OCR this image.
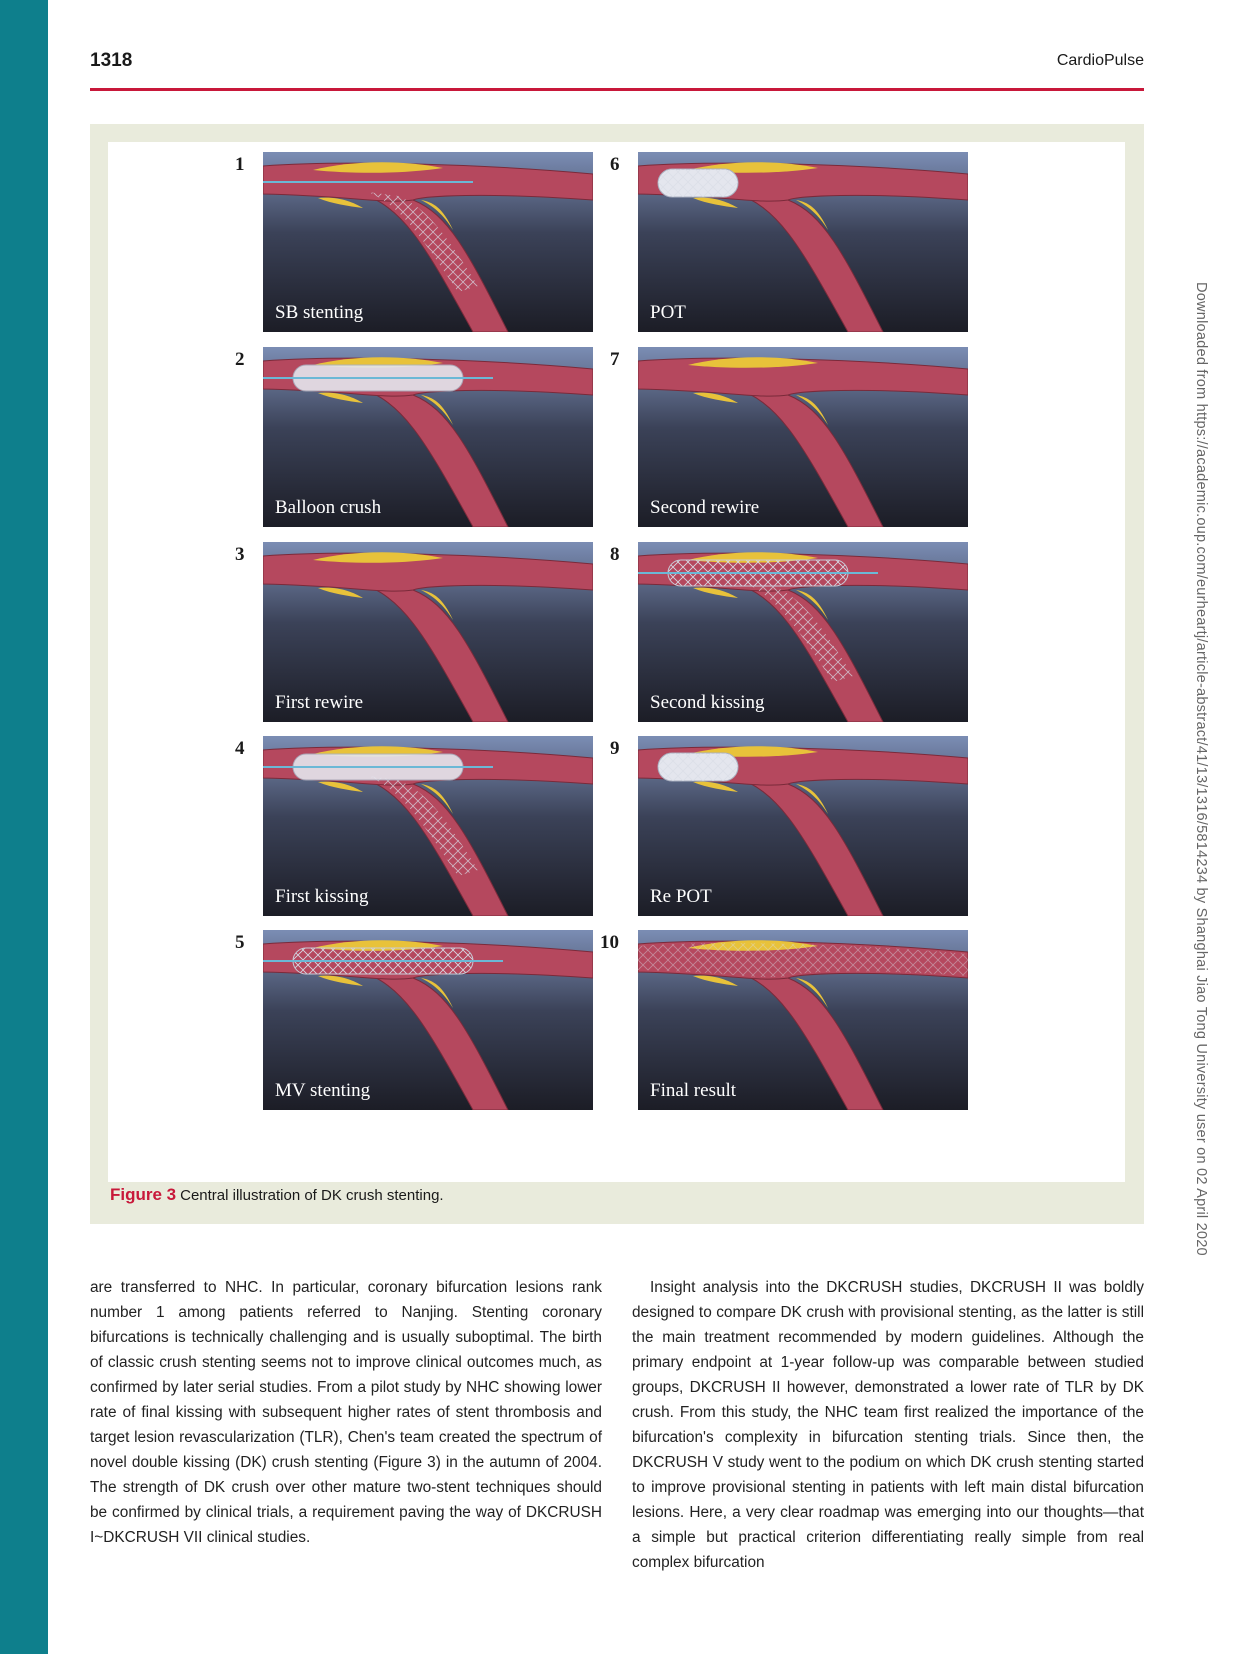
1318	CardioPulse
1
SB stenting
2
Balloon crush
3
First rewire
4
First kissing
5
MV stenting
6
POT
7
Second rewire
8
Second kissing
9
Re POT
10
Final result
Figure 3 Central illustration of DK crush stenting.
are transferred to NHC. In particular, coronary bifurcation lesions rank number 1 among patients referred to Nanjing. Stenting coronary bifurcations is technically challenging and is usually suboptimal. The birth of classic crush stenting seems not to improve clinical outcomes much, as confirmed by later serial studies. From a pilot study by NHC showing lower rate of final kissing with subsequent higher rates of stent thrombosis and target lesion revascularization (TLR), Chen's team created the spectrum of novel double kissing (DK) crush stenting (Figure 3) in the autumn of 2004. The strength of DK crush over other mature two-stent techniques should be confirmed by clinical trials, a requirement paving the way of DKCRUSH I~DKCRUSH VII clinical studies.
Insight analysis into the DKCRUSH studies, DKCRUSH II was boldly designed to compare DK crush with provisional stenting, as the latter is still the main treatment recommended by modern guidelines. Although the primary endpoint at 1-year follow-up was comparable between studied groups, DKCRUSH II however, demonstrated a lower rate of TLR by DK crush. From this study, the NHC team first realized the importance of the bifurcation's complexity in bifurcation stenting trials. Since then, the DKCRUSH V study went to the podium on which DK crush stenting started to improve provisional stenting in patients with left main distal bifurcation lesions. Here, a very clear roadmap was emerging into our thoughts—that a simple but practical criterion differentiating really simple from real complex bifurcation
Downloaded from https://academic.oup.com/eurheartj/article-abstract/41/13/1316/5814234 by Shanghai Jiao Tong University user on 02 April 2020
